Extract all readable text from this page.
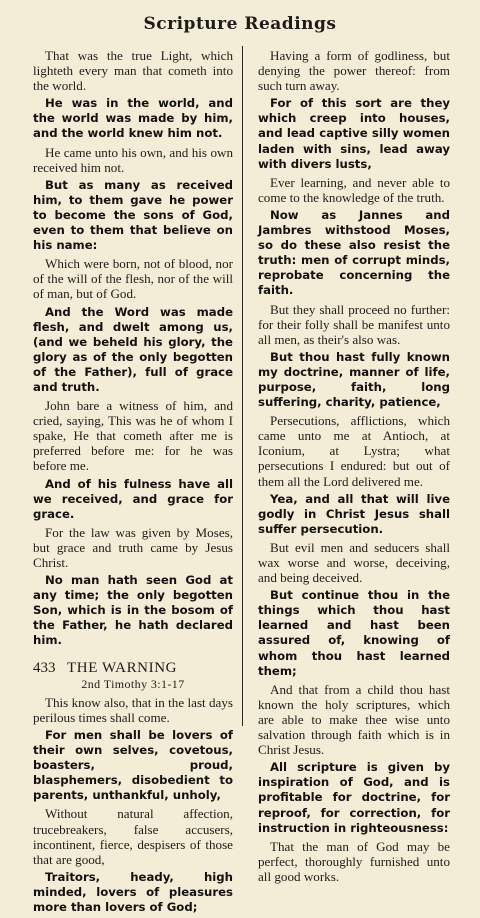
Scripture Readings

That was the true Light, which lighteth every man that cometh into the world.

He was in the world, and the world was made by him, and the world knew him not.

He came unto his own, and his own received him not.

But as many as received him, to them gave he power to become the sons of God, even to them that believe on his name:

Which were born, not of blood, nor of the will of the flesh, nor of the will of man, but of God.

And the Word was made flesh, and dwelt among us, (and we beheld his glory, the glory as of the only begotten of the Father), full of grace and truth.

John bare a witness of him, and cried, saying, This was he of whom I spake, He that cometh after me is preferred before me: for he was before me.

And of his fulness have all we received, and grace for grace.

For the law was given by Moses, but grace and truth came by Jesus Christ.

No man hath seen God at any time; the only begotten Son, which is in the bosom of the Father, he hath declared him.

433 THE WARNING
2nd Timothy 3:1-17

This know also, that in the last days perilous times shall come.

For men shall be lovers of their own selves, covetous, boasters, proud, blasphemers, disobedient to parents, unthankful, unholy,

Without natural affection, trucebreakers, false accusers, incontinent, fierce, despisers of those that are good,

Traitors, heady, high minded, lovers of pleasures more than lovers of God;

Having a form of godliness, but denying the power thereof: from such turn away.

For of this sort are they which creep into houses, and lead captive silly women laden with sins, lead away with divers lusts,

Ever learning, and never able to come to the knowledge of the truth.

Now as Jannes and Jambres withstood Moses, so do these also resist the truth: men of corrupt minds, reprobate concerning the faith.

But they shall proceed no further: for their folly shall be manifest unto all men, as their's also was.

But thou hast fully known my doctrine, manner of life, purpose, faith, long suffering, charity, patience,

Persecutions, afflictions, which came unto me at Antioch, at Iconium, at Lystra; what persecutions I endured: but out of them all the Lord delivered me.

Yea, and all that will live godly in Christ Jesus shall suffer persecution.

But evil men and seducers shall wax worse and worse, deceiving, and being deceived.

But continue thou in the things which thou hast learned and hast been assured of, knowing of whom thou hast learned them;

And that from a child thou hast known the holy scriptures, which are able to make thee wise unto salvation through faith which is in Christ Jesus.

All scripture is given by inspiration of God, and is profitable for doctrine, for reproof, for correction, for instruction in righteousness:

That the man of God may be perfect, thoroughly furnished unto all good works.
